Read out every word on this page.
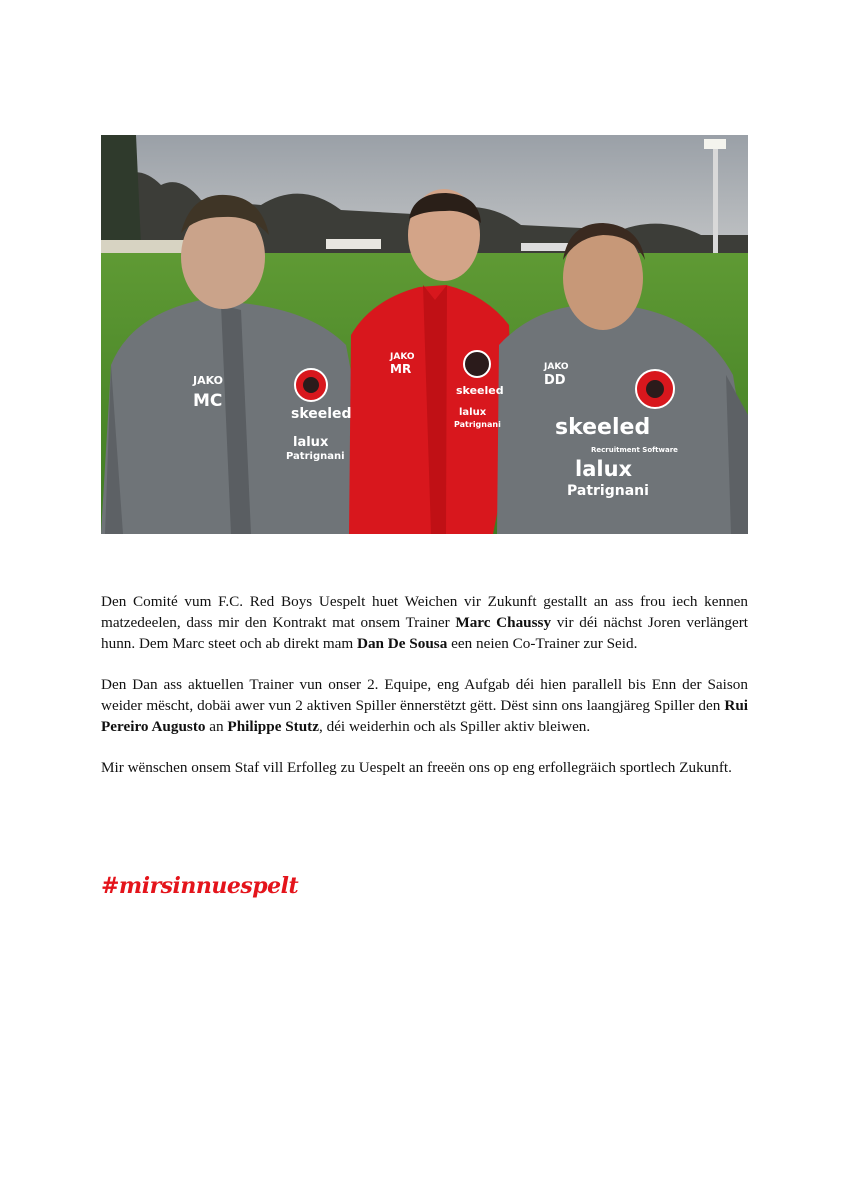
JAKO
MC
skeeled
lalux
Patrignani
JAKO
MR
skeeled
lalux
Patrignani
JAKO
DD
skeeled
Recruitment Software
lalux
Patrignani

Den Comité vum F.C. Red Boys Uespelt huet Weichen vir Zukunft gestallt an ass frou iech kennen matzedeelen, dass mir den Kontrakt mat onsem Trainer Marc Chaussy vir déi nächst Joren verlängert hunn. Dem Marc steet och ab direkt mam Dan De Sousa een neien Co-Trainer zur Seid.

Den Dan ass aktuellen Trainer vun onser 2. Equipe, eng Aufgab déi hien parallell bis Enn der Saison weider mëscht, dobäi awer vun 2 aktiven Spiller ënnerstëtzt gëtt. Dëst sinn ons laangjäreg Spiller den Rui Pereiro Augusto an Philippe Stutz, déi weiderhin och als Spiller aktiv bleiwen.

Mir wënschen onsem Staf vill Erfolleg zu Uespelt an freeën ons op eng erfollegräich sportlech Zukunft.

#mirsinnuespelt
